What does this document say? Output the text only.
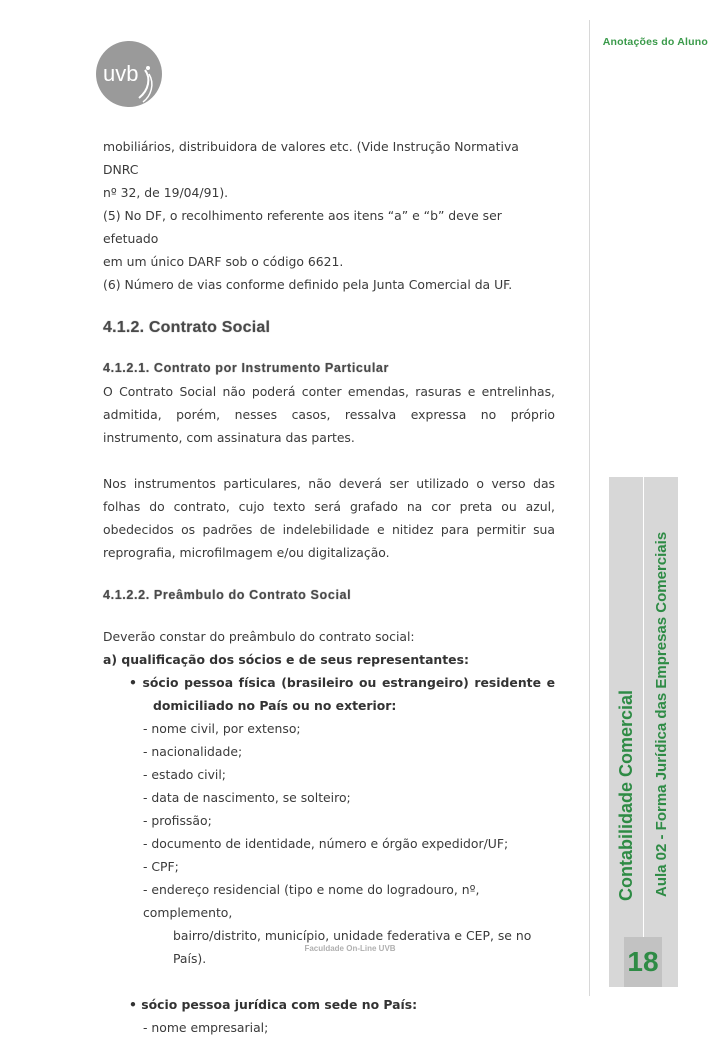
uvb
Anotações do Aluno

mobiliários, distribuidora de valores etc. (Vide Instrução Normativa DNRC

nº 32, de 19/04/91).

(5) No DF, o recolhimento referente aos itens “a” e “b” deve ser efetuado

em um único DARF sob o código 6621.

(6) Número de vias conforme definido pela Junta Comercial da UF.

4.1.2. Contrato Social

4.1.2.1. Contrato por Instrumento Particular

O Contrato Social não poderá conter emendas, rasuras e entrelinhas, admitida, porém, nesses casos, ressalva expressa no próprio instrumento, com assinatura das partes.

Nos instrumentos particulares, não deverá ser utilizado o verso das folhas do contrato, cujo texto será grafado na cor preta ou azul, obedecidos os padrões de indelebilidade e nitidez para permitir sua reprografia, microfilmagem e/ou digitalização.

4.1.2.2. Preâmbulo do Contrato Social

Deverão constar do preâmbulo do contrato social:

a) qualificação dos sócios e de seus representantes:

• sócio pessoa física (brasileiro ou estrangeiro) residente e

domiciliado no País ou no exterior:

- nome civil, por extenso;

- nacionalidade;

- estado civil;

- data de nascimento, se solteiro;

- profissão;

- documento de identidade, número e órgão expedidor/UF;

- CPF;

- endereço residencial (tipo e nome do logradouro, nº, complemento,

bairro/distrito, município, unidade federativa e CEP, se no País).

• sócio pessoa jurídica com sede no País:

- nome empresarial;

Faculdade On-Line UVB
Contabilidade Comercial Aula 02 - Forma Jurídica das Empresas Comerciais
18
